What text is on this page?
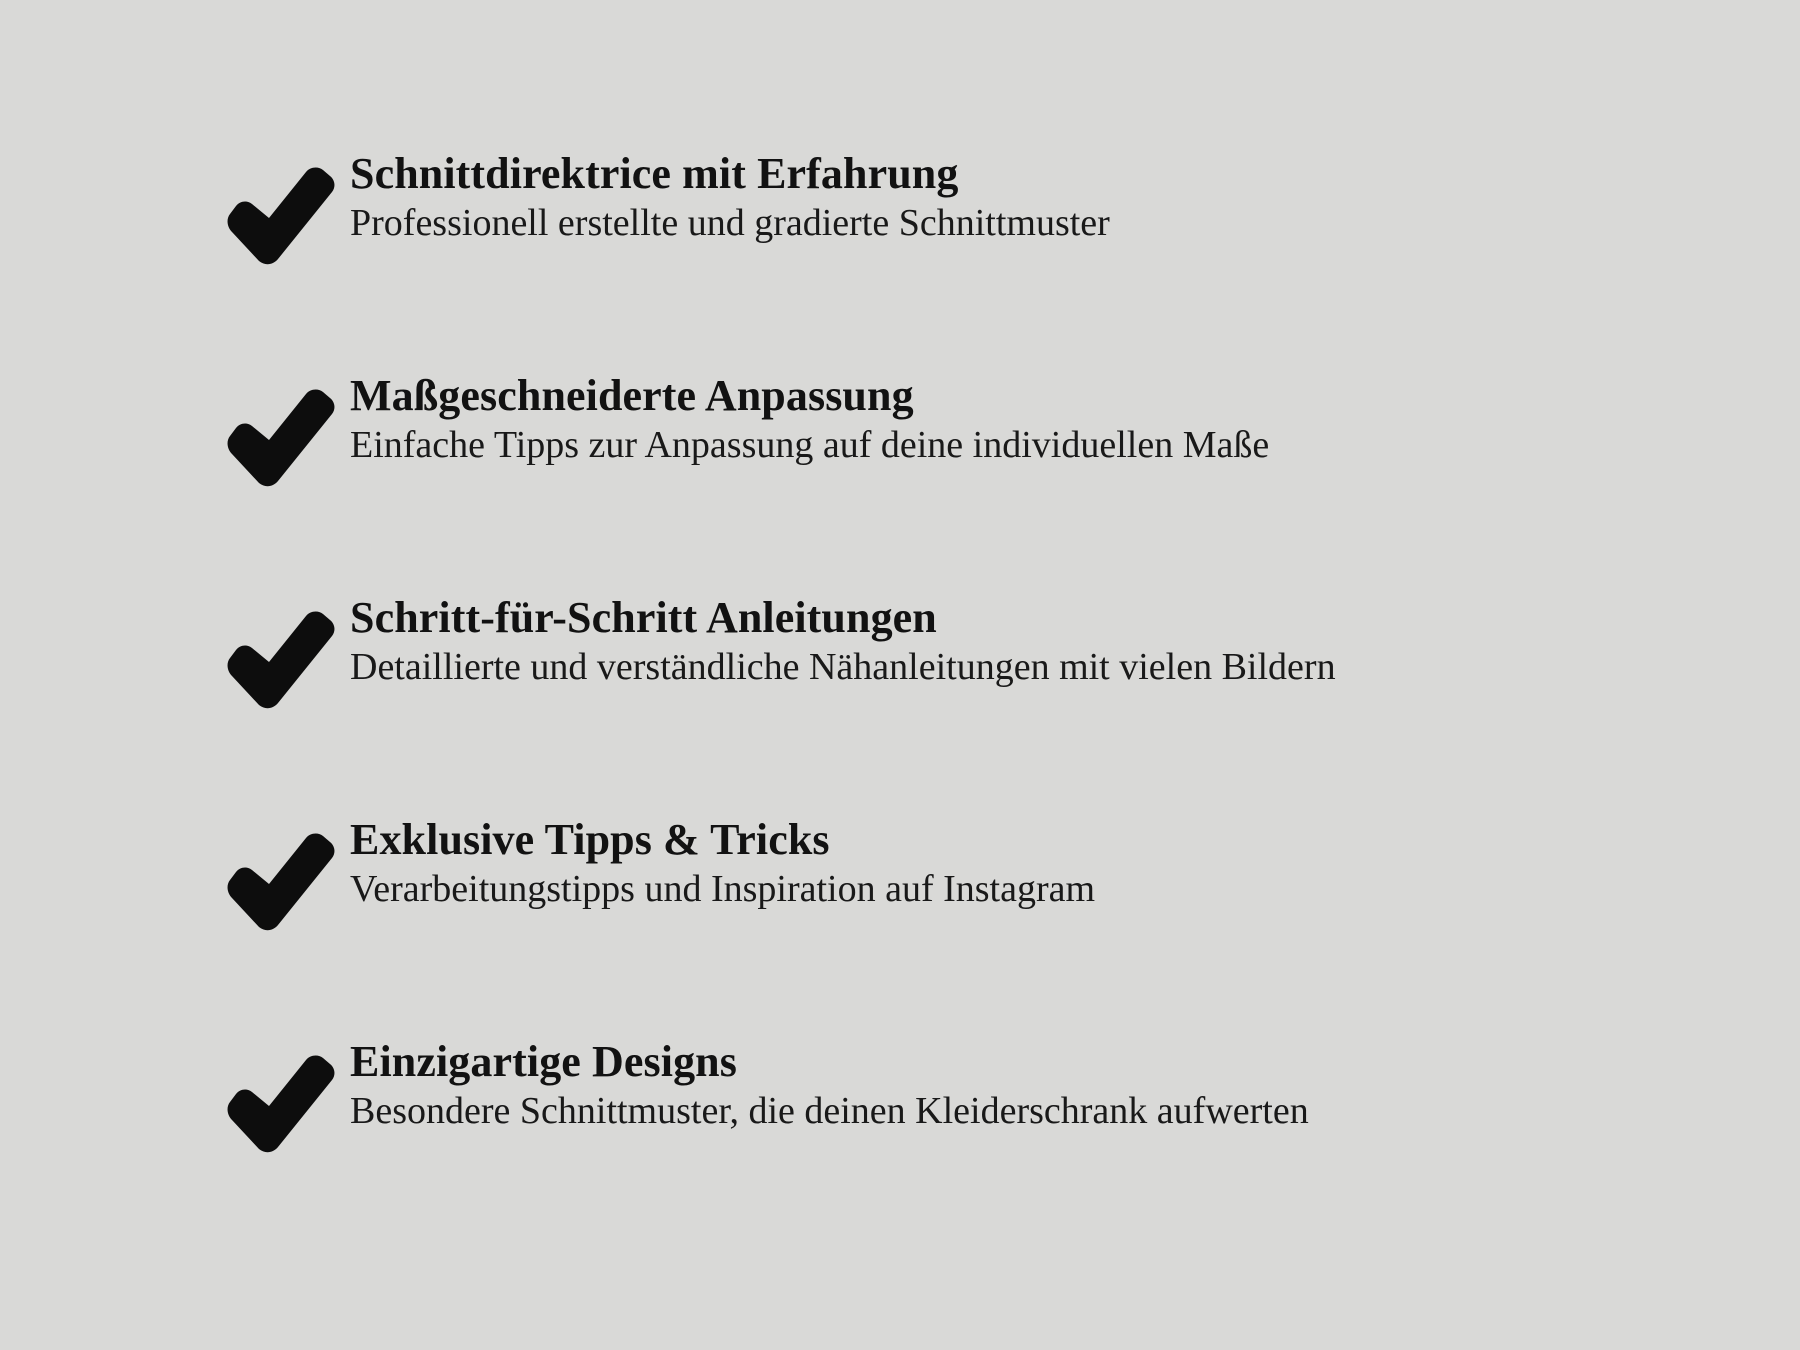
Schnittdirektrice mit Erfahrung
Professionell erstellte und gradierte Schnittmuster
Maßgeschneiderte Anpassung
Einfache Tipps zur Anpassung auf deine individuellen Maße
Schritt-für-Schritt Anleitungen
Detaillierte und verständliche Nähanleitungen mit vielen Bildern
Exklusive Tipps & Tricks
Verarbeitungstipps und Inspiration auf Instagram
Einzigartige Designs
Besondere Schnittmuster, die deinen Kleiderschrank aufwerten
